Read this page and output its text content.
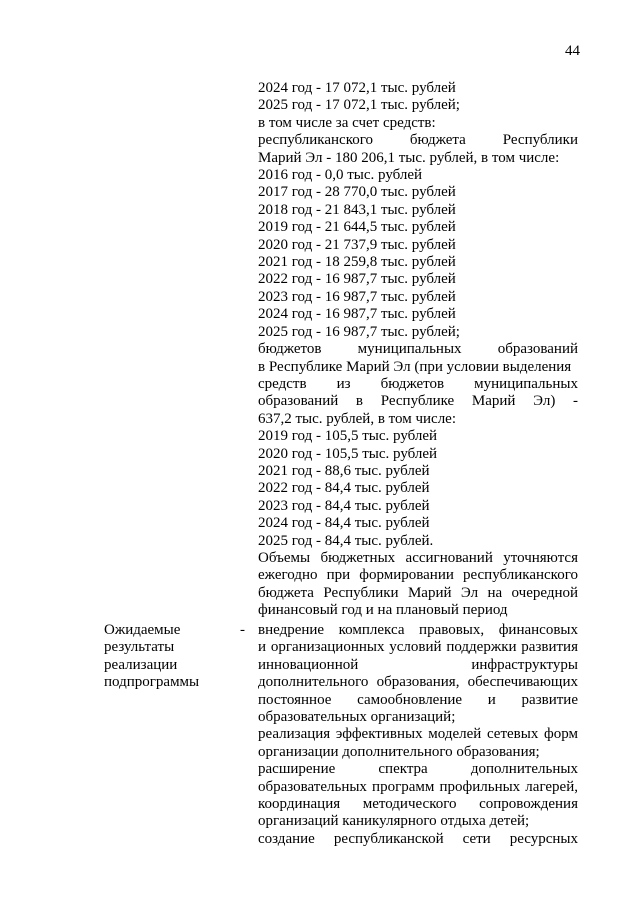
44
2024 год - 17 072,1 тыс. рублей
2025 год - 17 072,1 тыс. рублей;
в том числе за счет средств:
республиканского бюджета Республики
Марий Эл - 180 206,1 тыс. рублей, в том числе:
2016 год - 0,0 тыс. рублей
2017 год - 28 770,0 тыс. рублей
2018 год - 21 843,1 тыс. рублей
2019 год - 21 644,5 тыс. рублей
2020 год - 21 737,9 тыс. рублей
2021 год - 18 259,8 тыс. рублей
2022 год - 16 987,7 тыс. рублей
2023 год - 16 987,7 тыс. рублей
2024 год - 16 987,7 тыс. рублей
2025 год - 16 987,7 тыс. рублей;
бюджетов муниципальных образований
в Республике Марий Эл (при условии выделения
средств из бюджетов муниципальных
образований в Республике Марий Эл) -
637,2 тыс. рублей, в том числе:
2019 год - 105,5 тыс. рублей
2020 год - 105,5 тыс. рублей
2021 год - 88,6 тыс. рублей
2022 год - 84,4 тыс. рублей
2023 год - 84,4 тыс. рублей
2024 год - 84,4 тыс. рублей
2025 год - 84,4 тыс. рублей.
Объемы бюджетных ассигнований уточняются
ежегодно при формировании республиканского
бюджета Республики Марий Эл на очередной
финансовый год и на плановый период
Ожидаемые
результаты
реализации
подпрограммы
- внедрение комплекса правовых, финансовых
и организационных условий поддержки развития
инновационной инфраструктуры
дополнительного образования, обеспечивающих
постоянное самообновление и развитие
образовательных организаций;
реализация эффективных моделей сетевых форм
организации дополнительного образования;
расширение спектра дополнительных
образовательных программ профильных лагерей,
координация методического сопровождения
организаций каникулярного отдыха детей;
создание республиканской сети ресурсных
